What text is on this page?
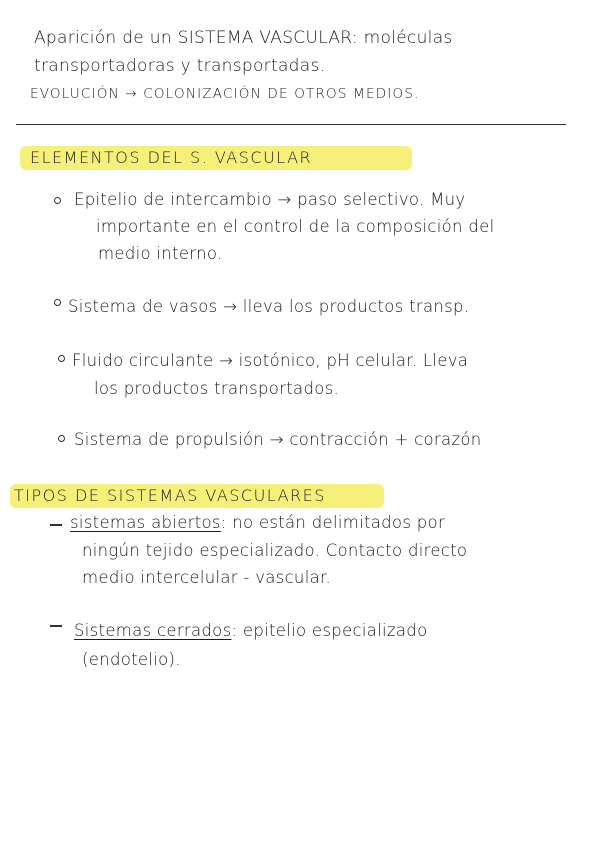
Aparición de un SISTEMA VASCULAR: moléculas
transportadoras y transportadas.
EVOLUCIÓN → COLONIZACIÓN DE OTROS MEDIOS.
ELEMENTOS DEL S. VASCULAR
Epitelio de intercambio → paso selectivo. Muy
importante en el control de la composición del
medio interno.
Sistema de vasos → lleva los productos transp.
Fluido circulante → isotónico, pH celular. Lleva
los productos transportados.
Sistema de propulsión → contracción + corazón
TIPOS DE SISTEMAS VASCULARES
sistemas abiertos: no están delimitados por
ningún tejido especializado. Contacto directo
medio intercelular - vascular.
Sistemas cerrados: epitelio especializado
(endotelio).
